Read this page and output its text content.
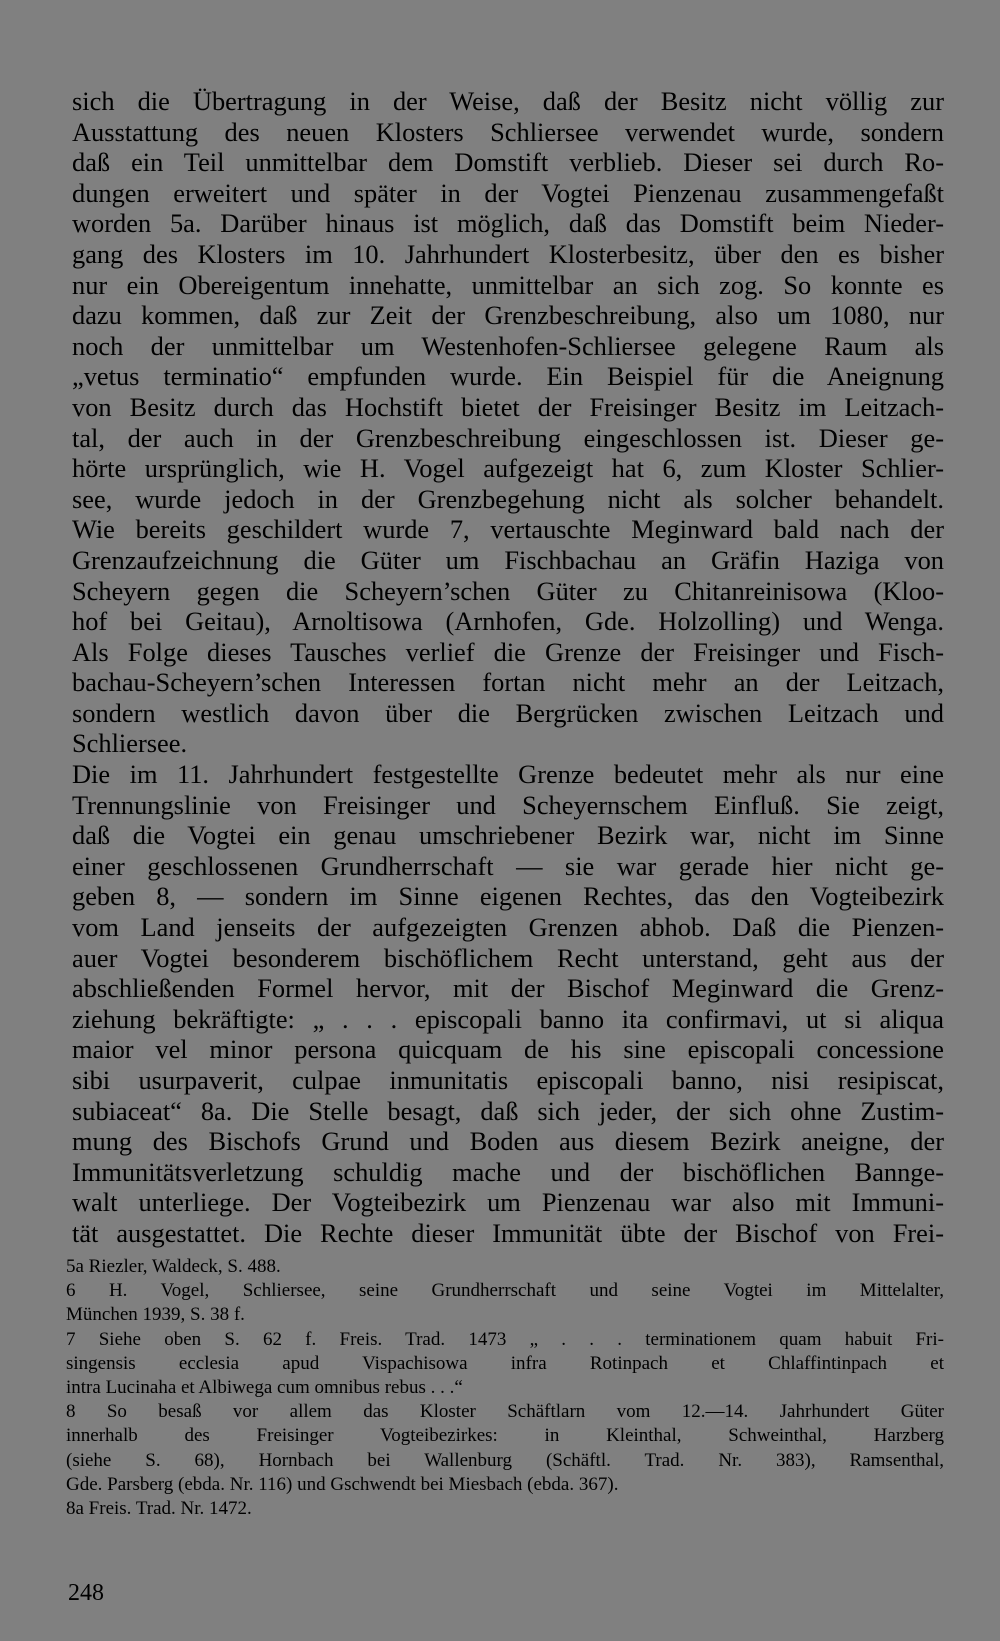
sich die Übertragung in der Weise, daß der Besitz nicht völlig zur
Ausstattung des neuen Klosters Schliersee verwendet wurde, sondern
daß ein Teil unmittelbar dem Domstift verblieb. Dieser sei durch Ro-
dungen erweitert und später in der Vogtei Pienzenau zusammengefaßt
worden 5a. Darüber hinaus ist möglich, daß das Domstift beim Nieder-
gang des Klosters im 10. Jahrhundert Klosterbesitz, über den es bisher
nur ein Obereigentum innehatte, unmittelbar an sich zog. So konnte es
dazu kommen, daß zur Zeit der Grenzbeschreibung, also um 1080, nur
noch der unmittelbar um Westenhofen-Schliersee gelegene Raum als
„vetus terminatio“ empfunden wurde. Ein Beispiel für die Aneignung
von Besitz durch das Hochstift bietet der Freisinger Besitz im Leitzach-
tal, der auch in der Grenzbeschreibung eingeschlossen ist. Dieser ge-
hörte ursprünglich, wie H. Vogel aufgezeigt hat 6, zum Kloster Schlier-
see, wurde jedoch in der Grenzbegehung nicht als solcher behandelt.
Wie bereits geschildert wurde 7, vertauschte Meginward bald nach der
Grenzaufzeichnung die Güter um Fischbachau an Gräfin Haziga von
Scheyern gegen die Scheyern’schen Güter zu Chitanreinisowa (Kloo-
hof bei Geitau), Arnoltisowa (Arnhofen, Gde. Holzolling) und Wenga.
Als Folge dieses Tausches verlief die Grenze der Freisinger und Fisch-
bachau-Scheyern’schen Interessen fortan nicht mehr an der Leitzach,
sondern westlich davon über die Bergrücken zwischen Leitzach und
Schliersee.
Die im 11. Jahrhundert festgestellte Grenze bedeutet mehr als nur eine
Trennungslinie von Freisinger und Scheyernschem Einfluß. Sie zeigt,
daß die Vogtei ein genau umschriebener Bezirk war, nicht im Sinne
einer geschlossenen Grundherrschaft — sie war gerade hier nicht ge-
geben 8, — sondern im Sinne eigenen Rechtes, das den Vogteibezirk
vom Land jenseits der aufgezeigten Grenzen abhob. Daß die Pienzen-
auer Vogtei besonderem bischöflichem Recht unterstand, geht aus der
abschließenden Formel hervor, mit der Bischof Meginward die Grenz-
ziehung bekräftigte: „ . . . episcopali banno ita confirmavi, ut si aliqua
maior vel minor persona quicquam de his sine episcopali concessione
sibi usurpaverit, culpae inmunitatis episcopali banno, nisi resipiscat,
subiaceat“ 8a. Die Stelle besagt, daß sich jeder, der sich ohne Zustim-
mung des Bischofs Grund und Boden aus diesem Bezirk aneigne, der
Immunitätsverletzung schuldig mache und der bischöflichen Bannge-
walt unterliege. Der Vogteibezirk um Pienzenau war also mit Immuni-
tät ausgestattet. Die Rechte dieser Immunität übte der Bischof von Frei-
5a Riezler, Waldeck, S. 488.
6 H. Vogel, Schliersee, seine Grundherrschaft und seine Vogtei im Mittelalter,
München 1939, S. 38 f.
7 Siehe oben S. 62 f. Freis. Trad. 1473 „ . . . terminationem quam habuit Fri-
singensis ecclesia apud Vispachisowa infra Rotinpach et Chlaffintinpach et
intra Lucinaha et Albiwega cum omnibus rebus . . .“
8 So besaß vor allem das Kloster Schäftlarn vom 12.—14. Jahrhundert Güter
innerhalb des Freisinger Vogteibezirkes: in Kleinthal, Schweinthal, Harzberg
(siehe S. 68), Hornbach bei Wallenburg (Schäftl. Trad. Nr. 383), Ramsenthal,
Gde. Parsberg (ebda. Nr. 116) und Gschwendt bei Miesbach (ebda. 367).
8a Freis. Trad. Nr. 1472.
248
